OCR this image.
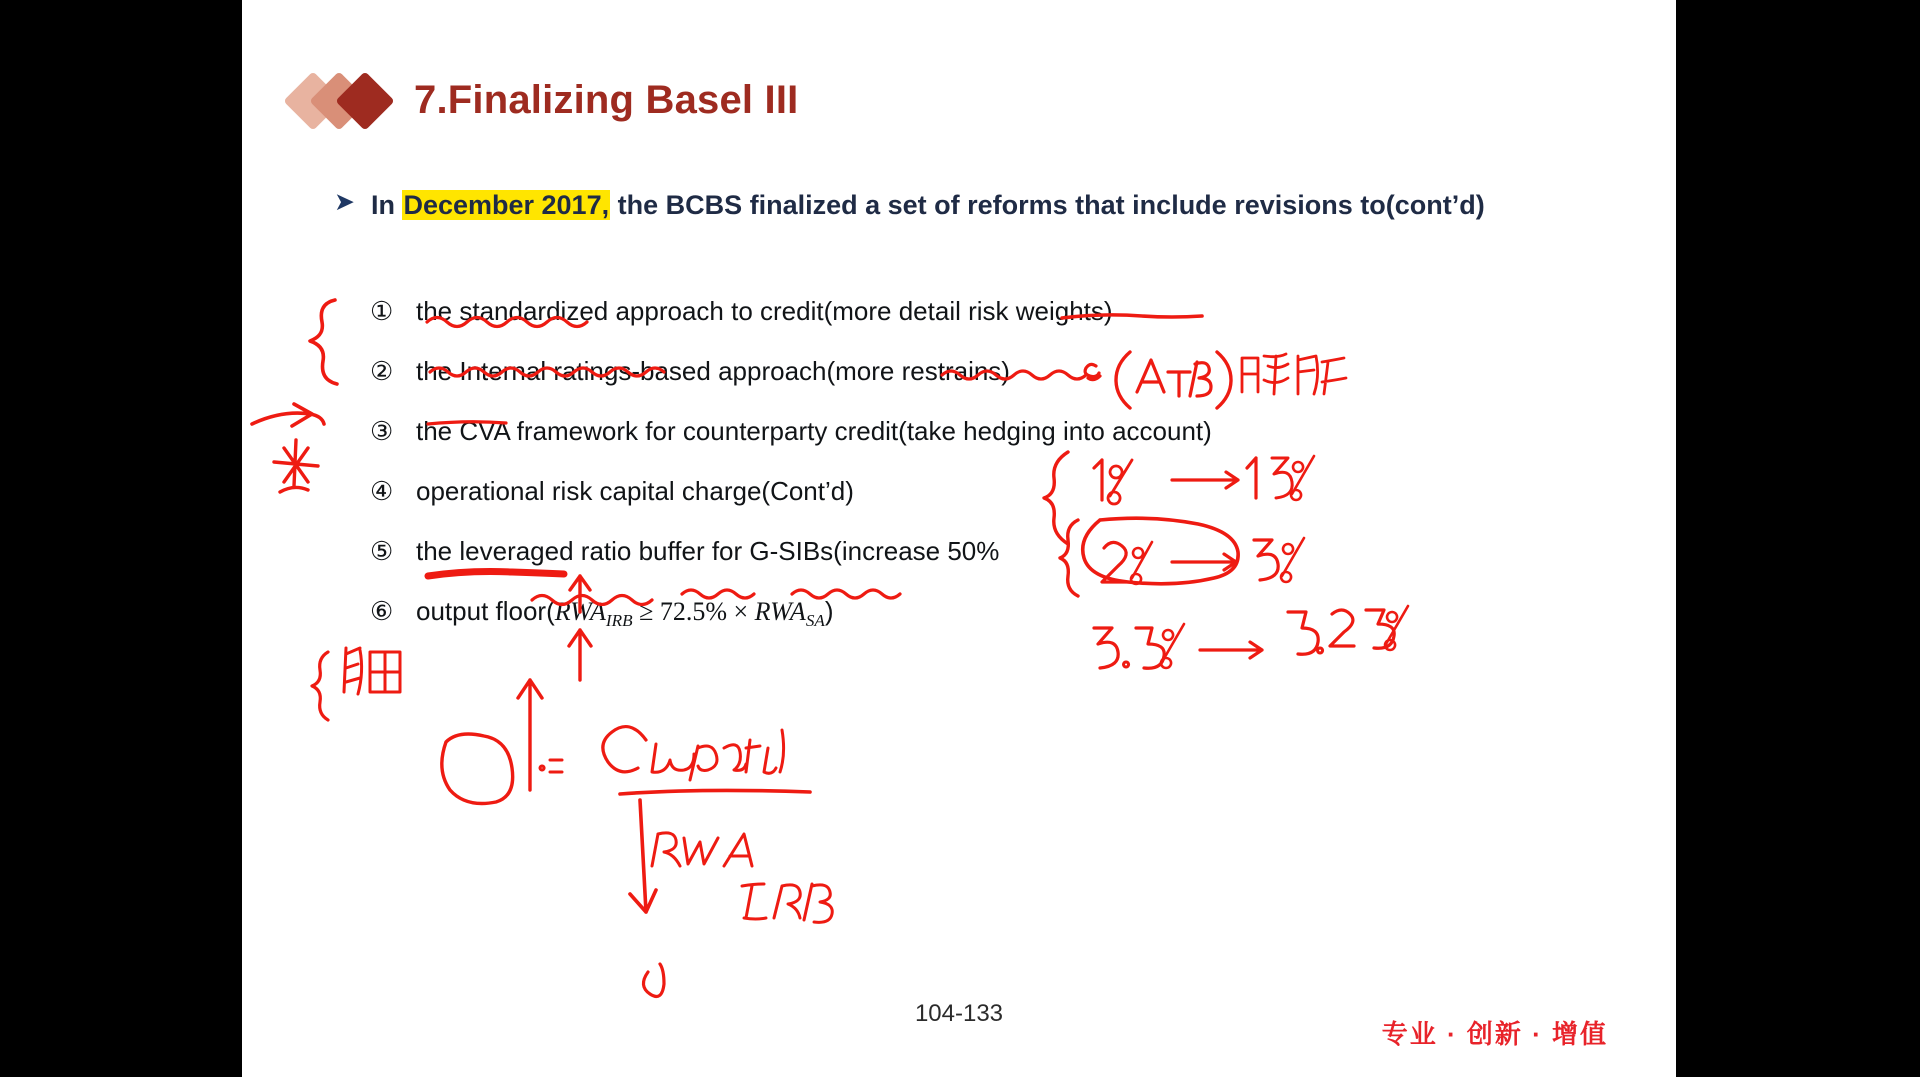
7.Finalizing Basel III
➤ In December 2017, the BCBS finalized a set of reforms that include revisions to(cont’d)
① the standardized approach to credit(more detail risk weights)
② the Internal ratings-based approach(more restrains)
③ the CVA framework for counterparty credit(take hedging into account)
④ operational risk capital charge(Cont’d)
⑤ the leveraged ratio buffer for G-SIBs(increase 50%
⑥ output $floor(RWA_{IRB} \ge 72.5\% \times RWA_{SA})$
104-133
专业 · 创新 · 增值
